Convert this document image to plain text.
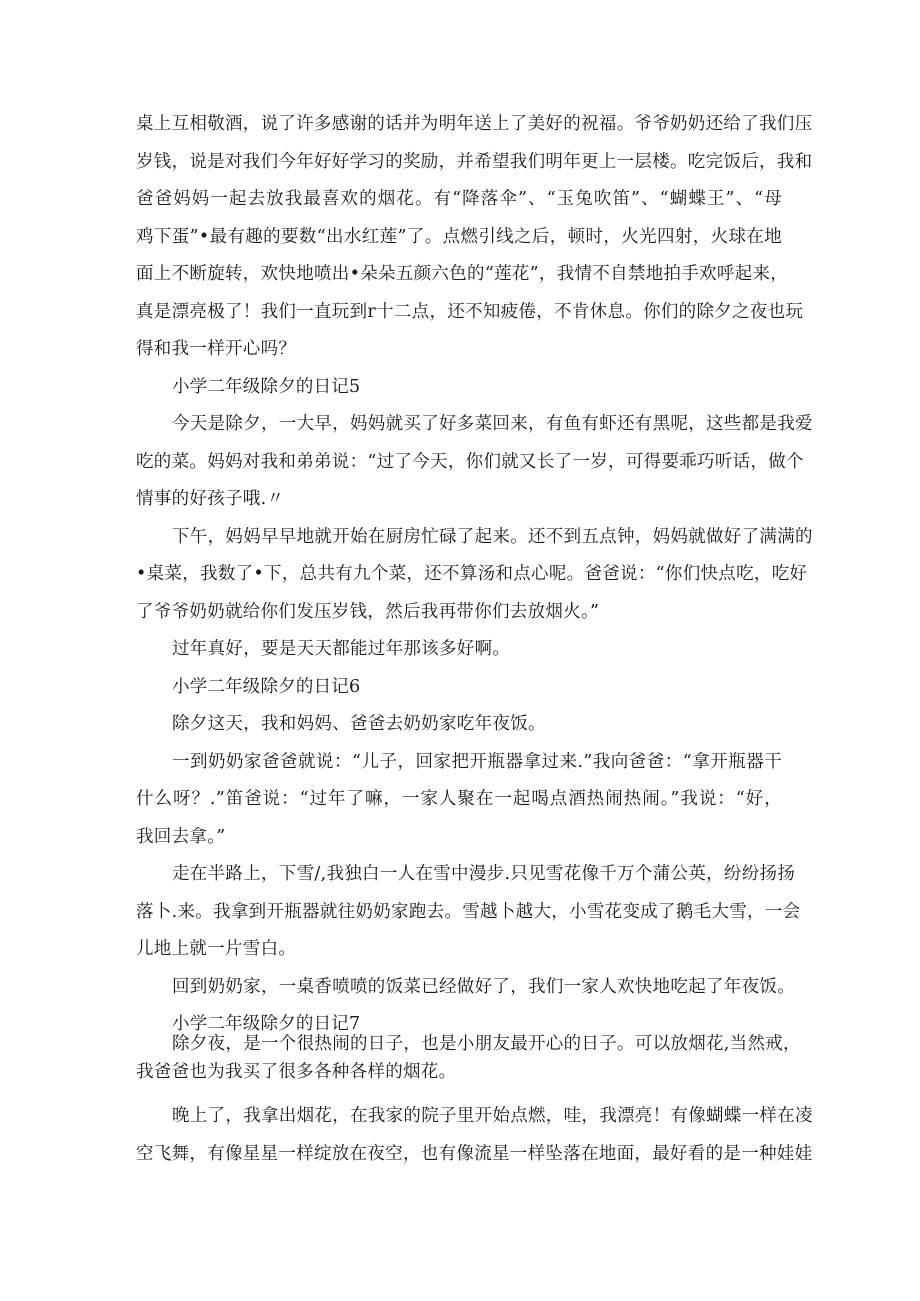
桌上互相敬酒，说了许多感谢的话并为明年送上了美好的祝福。爷爷奶奶还给了我们压
岁钱，说是对我们今年好好学习的奖励，并希望我们明年更上一层楼。吃完饭后，我和
爸爸妈妈一起去放我最喜欢的烟花。有“降落伞”、“玉兔吹笛”、“蝴蝶王”、“母
鸡下蛋”•最有趣的要数“出水红莲”了。点燃引线之后，顿时，火光四射，火球在地
面上不断旋转，欢快地喷出•朵朵五颜六色的“莲花”，我情不自禁地拍手欢呼起来，
真是漂亮极了！我们一直玩到r十二点，还不知疲倦，不肯休息。你们的除夕之夜也玩
得和我一样开心吗？
小学二年级除夕的日记5
今天是除夕，一大早，妈妈就买了好多菜回来，有鱼有虾还有黑呢，这些都是我爱
吃的菜。妈妈对我和弟弟说：“过了今天，你们就又长了一岁，可得要乖巧听话，做个
情事的好孩子哦.〃
下午，妈妈早早地就开始在厨房忙碌了起来。还不到五点钟，妈妈就做好了满满的
•桌菜，我数了•下，总共有九个菜，还不算汤和点心呢。爸爸说：“你们快点吃，吃好
了爷爷奶奶就给你们发压岁钱，然后我再带你们去放烟火。”
过年真好，要是天天都能过年那该多好啊。
小学二年级除夕的日记6
除夕这天，我和妈妈、爸爸去奶奶家吃年夜饭。
一到奶奶家爸爸就说：“儿子，回家把开瓶器拿过来.”我向爸爸：“拿开瓶器干
什么呀？.”笛爸说：“过年了嘛，一家人聚在一起喝点酒热闹热闹。”我说：“好，
我回去拿。”
走在半路上，下雪/,我独白一人在雪中漫步.只见雪花像千万个蒲公英，纷纷扬扬
落卜.来。我拿到开瓶器就往奶奶家跑去。雪越卜越大，小雪花变成了鹅毛大雪，一会
儿地上就一片雪白。
回到奶奶家，一桌香喷喷的饭菜已经做好了，我们一家人欢快地吃起了年夜饭。
小学二年级除夕的日记7
除夕夜，是一个很热闹的日子，也是小朋友最开心的日子。可以放烟花,当然戒，
我爸爸也为我买了很多各种各样的烟花。
晚上了，我拿出烟花，在我家的院子里开始点燃，哇，我漂亮！有像蝴蝶一样在凌
空飞舞，有像星星一样绽放在夜空，也有像流星一样坠落在地面，最好看的是一种娃娃
